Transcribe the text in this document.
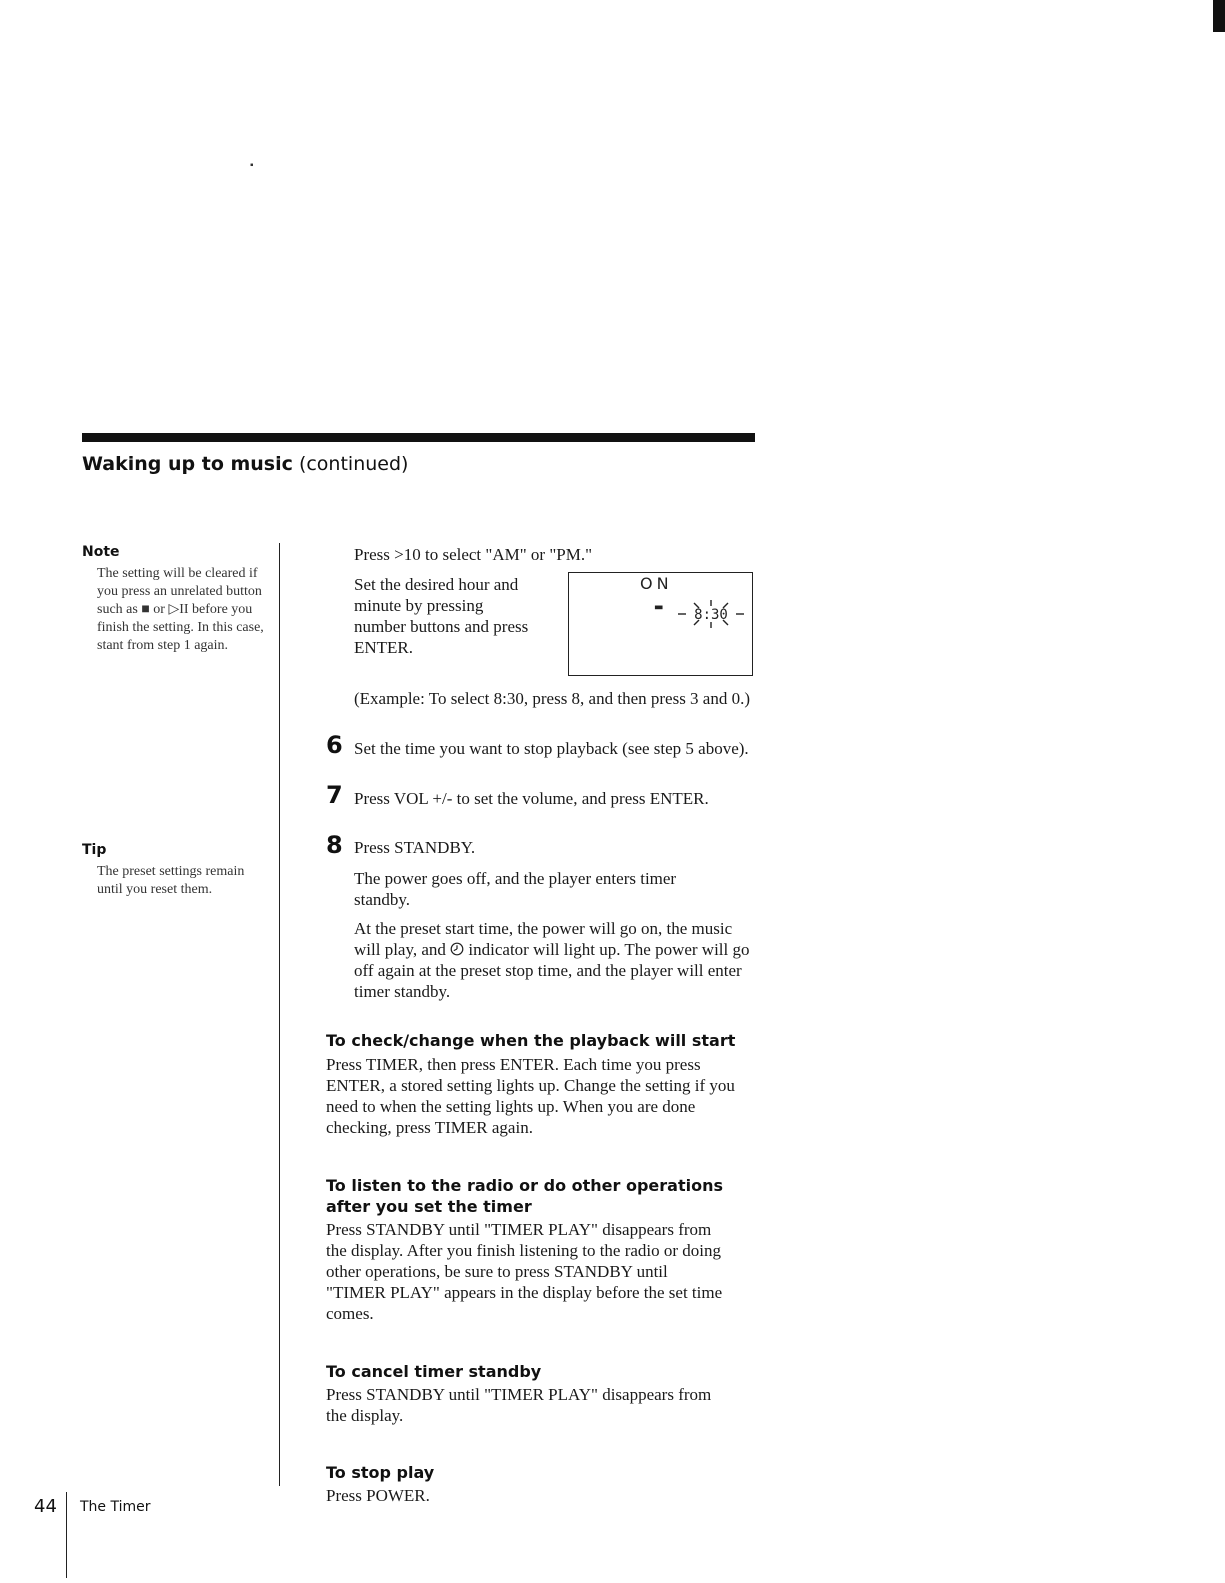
▪
Waking up to music (continued)
Note
The setting will be cleared if you press an unrelated button such as ■ or ▷II before you finish the setting. In this case, stant from step 1 again.
Tip
The preset settings remain until you reset them.
Press >10 to select "AM" or "PM."
Set the desired hour and minute by pressing number buttons and press ENTER.
ON
▬ 8:30
(Example: To select 8:30, press 8, and then press 3 and 0.)
6 Set the time you want to stop playback (see step 5 above).
7 Press VOL +/- to set the volume, and press ENTER.
8 Press STANDBY.
The power goes off, and the player enters timer standby.
At the preset start time, the power will go on, the music will play, and indicator will light up. The power will go off again at the preset stop time, and the player will enter timer standby.
To check/change when the playback will start
Press TIMER, then press ENTER. Each time you press ENTER, a stored setting lights up. Change the setting if you need to when the setting lights up. When you are done checking, press TIMER again.
To listen to the radio or do other operations after you set the timer
Press STANDBY until "TIMER PLAY" disappears from the display. After you finish listening to the radio or doing other operations, be sure to press STANDBY until "TIMER PLAY" appears in the display before the set time comes.
To cancel timer standby
Press STANDBY until "TIMER PLAY" disappears from the display.
To stop play
Press POWER.
44 The Timer
